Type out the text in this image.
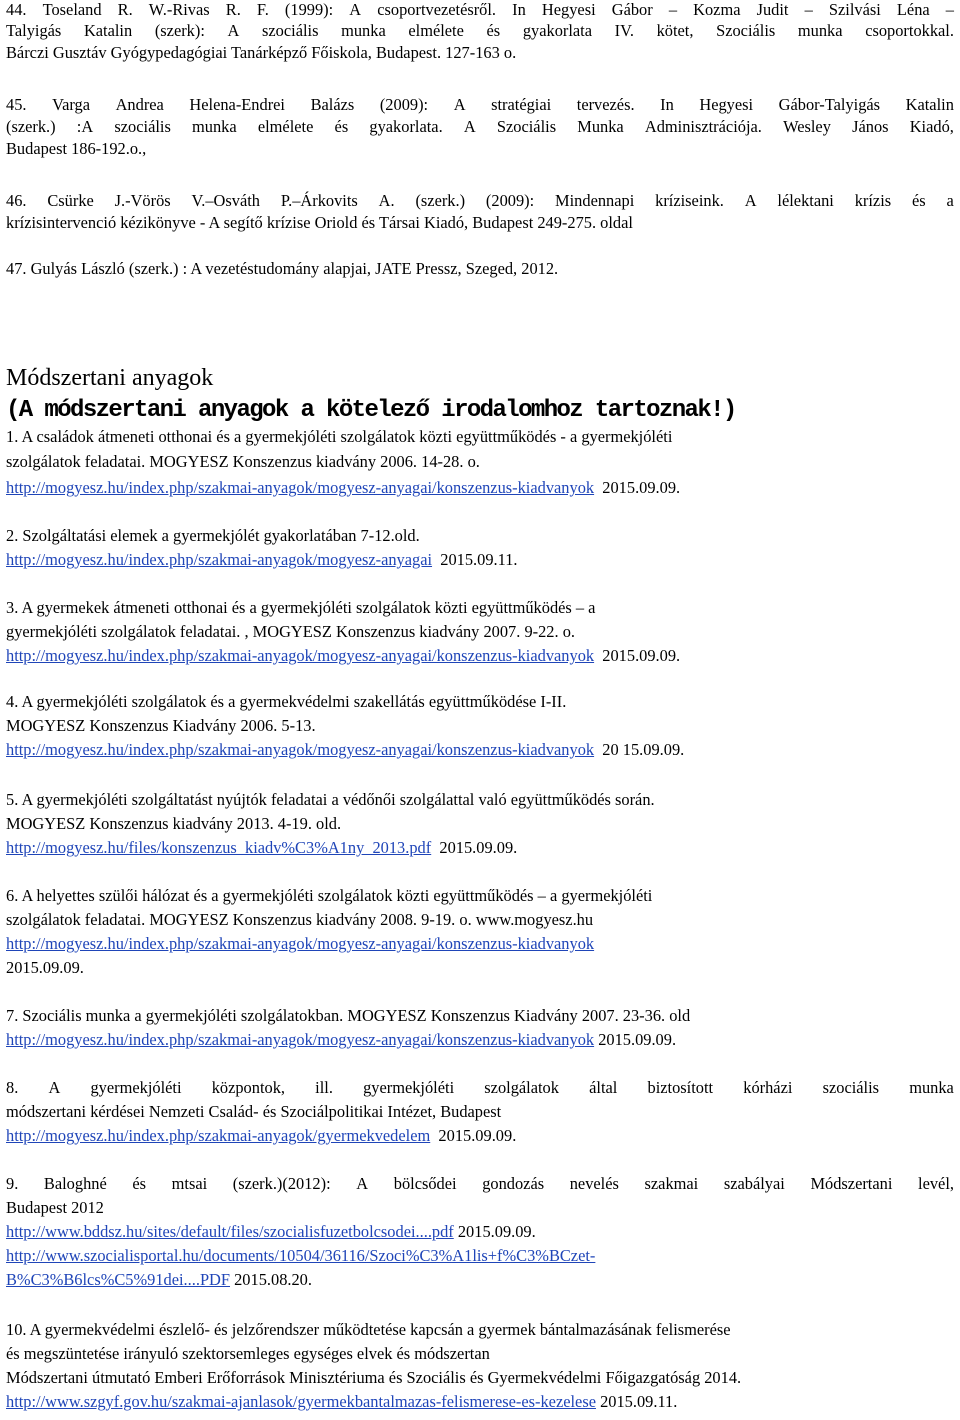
44. Toseland R. W.-Rivas R. F. (1999): A csoportvezetésről. In Hegyesi Gábor – Kozma Judit – Szilvási Léna –
Talyigás Katalin (szerk): A szociális munka elmélete és gyakorlata IV. kötet, Szociális munka csoportokkal.

Bárczi Gusztáv Gyógypedagógiai Tanárképző Főiskola, Budapest. 127-163 o.

45. Varga Andrea Helena-Endrei Balázs (2009): A stratégiai tervezés. In Hegyesi Gábor-Talyigás Katalin
(szerk.) :A szociális munka elmélete és gyakorlata. A Szociális Munka Adminisztrációja. Wesley János Kiadó,

Budapest 186-192.o.,

46. Csürke J.-Vörös V.–Osváth P.–Árkovits A. (szerk.) (2009): Mindennapi kríziseink. A lélektani krízis és a

krízisintervenció kézikönyve - A segítő krízise Oriold és Társai Kiadó, Budapest 249-275. oldal

47. Gulyás László (szerk.) : A vezetéstudomány alapjai, JATE Pressz, Szeged, 2012.

Módszertani anyagok
(A módszertani anyagok a kötelező irodalomhoz tartoznak!)

1. A családok átmeneti otthonai és a gyermekjóléti szolgálatok közti együttműködés - a gyermekjóléti

szolgálatok feladatai. MOGYESZ Konszenzus kiadvány 2006. 14-28. o.

http://mogyesz.hu/index.php/szakmai-anyagok/mogyesz-anyagai/konszenzus-kiadvanyok  2015.09.09.

2. Szolgáltatási elemek a gyermekjólét gyakorlatában 7-12.old.

http://mogyesz.hu/index.php/szakmai-anyagok/mogyesz-anyagai  2015.09.11.

3. A gyermekek átmeneti otthonai és a gyermekjóléti szolgálatok közti együttműködés – a

gyermekjóléti szolgálatok feladatai. , MOGYESZ Konszenzus kiadvány 2007. 9-22. o.

http://mogyesz.hu/index.php/szakmai-anyagok/mogyesz-anyagai/konszenzus-kiadvanyok  2015.09.09.

4. A gyermekjóléti szolgálatok és a gyermekvédelmi szakellátás együttműködése I-II.

MOGYESZ Konszenzus Kiadvány 2006. 5-13.

http://mogyesz.hu/index.php/szakmai-anyagok/mogyesz-anyagai/konszenzus-kiadvanyok  20 15.09.09.

5. A gyermekjóléti szolgáltatást nyújtók feladatai a védőnői szolgálattal való együttműködés során.

MOGYESZ Konszenzus kiadvány 2013. 4-19. old.

http://mogyesz.hu/files/konszenzus_kiadv%C3%A1ny_2013.pdf  2015.09.09.

6. A helyettes szülői hálózat és a gyermekjóléti szolgálatok közti együttműködés – a gyermekjóléti

szolgálatok feladatai. MOGYESZ Konszenzus kiadvány 2008. 9-19. o. www.mogyesz.hu

http://mogyesz.hu/index.php/szakmai-anyagok/mogyesz-anyagai/konszenzus-kiadvanyok

2015.09.09.

7. Szociális munka a gyermekjóléti szolgálatokban. MOGYESZ Konszenzus Kiadvány 2007. 23-36. old

http://mogyesz.hu/index.php/szakmai-anyagok/mogyesz-anyagai/konszenzus-kiadvanyok 2015.09.09.

8. A gyermekjóléti központok, ill. gyermekjóléti szolgálatok által biztosított kórházi szociális munka

módszertani kérdései Nemzeti Család- és Szociálpolitikai Intézet, Budapest

http://mogyesz.hu/index.php/szakmai-anyagok/gyermekvedelem  2015.09.09.

9. Baloghné és mtsai (szerk.)(2012): A bölcsődei gondozás nevelés szakmai szabályai Módszertani levél,

Budapest 2012

http://www.bddsz.hu/sites/default/files/szocialisfuzetbolcsodei....pdf 2015.09.09.

http://www.szocialisportal.hu/documents/10504/36116/Szoci%C3%A1lis+f%C3%BCzet-

B%C3%B6lcs%C5%91dei....PDF 2015.08.20.

10. A gyermekvédelmi észlelő- és jelzőrendszer működtetése kapcsán a gyermek bántalmazásának felismerése

és megszüntetése irányuló szektorsemleges egységes elvek és módszertan

Módszertani útmutató Emberi Erőforrások Minisztériuma és Szociális és Gyermekvédelmi Főigazgatóság 2014.

http://www.szgyf.gov.hu/szakmai-ajanlasok/gyermekbantalmazas-felismerese-es-kezelese 2015.09.11.
